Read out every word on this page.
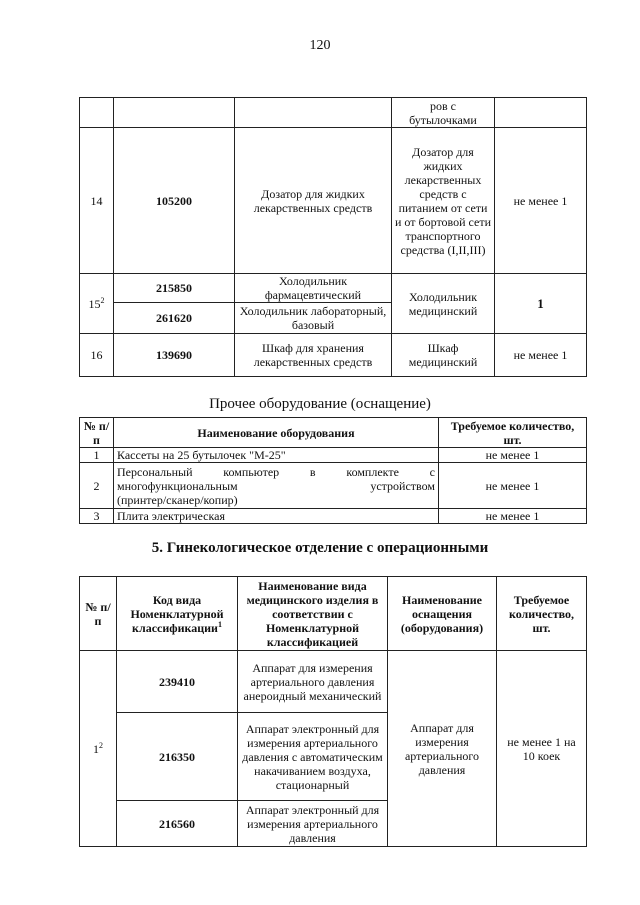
120
			ров с бутылочками	
14	105200	Дозатор для жидких лекарственных средств	Дозатор для жидких лекарственных средств с питанием от сети и от бортовой сети транспортного средства (I,II,III)	не менее 1
$15^2$	215850	Холодильник фармацевтический	Холодильник медицинский	1
	261620	Холодильник лабораторный, базовый		
16	139690	Шкаф для хранения лекарственных средств	Шкаф медицинский	не менее 1
Прочее оборудование (оснащение)
№ п/п	Наименование оборудования	Требуемое количество, шт.
1	Кассеты на 25 бутылочек "М-25"	не менее 1
2	Персональный компьютер в комплекте с многофункциональным устройством
(принтер/сканер/копир)	не менее 1
3	Плита электрическая	не менее 1
5. Гинекологическое отделение с операционными
№ п/п	Код вида Номенклатурной классификации$^1$	Наименование вида медицинского изделия в соответствии с Номенклатурной классификацией	Наименование оснащения (оборудования)	Требуемое количество, шт.
$1^2$	239410	Аппарат для измерения артериального давления анероидный механический	Аппарат для измерения артериального давления	не менее 1 на 10 коек
	216350	Аппарат электронный для измерения артериального давления с автоматическим накачиванием воздуха, стационарный		
	216560	Аппарат электронный для измерения артериального давления		
